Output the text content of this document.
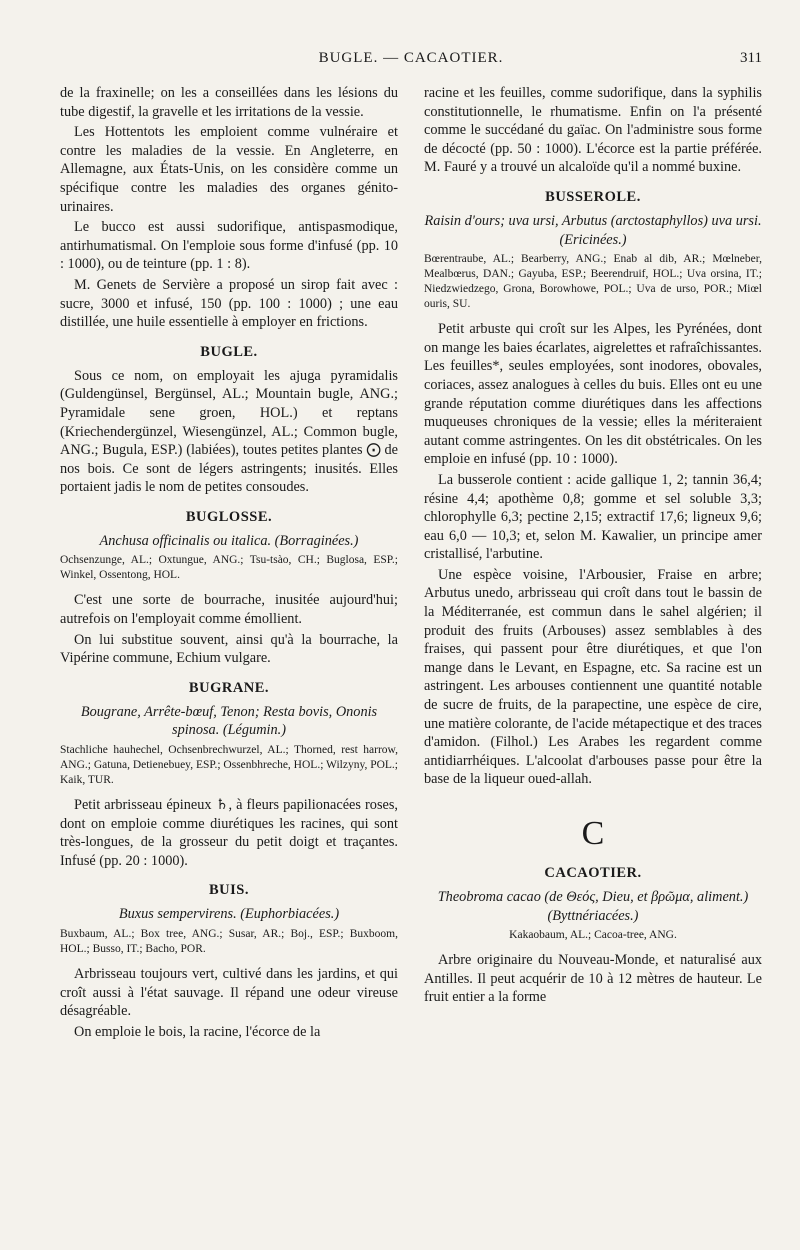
BUGLE. — CACAOTIER.	311

de la fraxinelle; on les a conseillées dans les lésions du tube digestif, la gravelle et les irritations de la vessie.

Les Hottentots les emploient comme vulnéraire et contre les maladies de la vessie. En Angleterre, en Allemagne, aux États-Unis, on les considère comme un spécifique contre les maladies des organes génito-urinaires.

Le bucco est aussi sudorifique, antispasmodique, antirhumatismal. On l'emploie sous forme d'infusé (pp. 10 : 1000), ou de teinture (pp. 1 : 8).

M. Genets de Servière a proposé un sirop fait avec : sucre, 3000 et infusé, 150 (pp. 100 : 1000) ; une eau distillée, une huile essentielle à employer en frictions.

BUGLE.

Sous ce nom, on employait les ajuga pyramidalis (Guldengünsel, Bergünsel, AL.; Mountain bugle, ANG.; Pyramidale sene groen, HOL.) et reptans (Kriechendergünzel, Wiesengünzel, AL.; Common bugle, ANG.; Bugula, ESP.) (labiées), toutes petites plantes ⨀ de nos bois. Ce sont de légers astringents; inusités. Elles portaient jadis le nom de petites consoudes.

BUGLOSSE.

Anchusa officinalis ou italica. (Borraginées.)

Ochsenzunge, AL.; Oxtungue, ANG.; Tsu-tsào, CH.; Buglosa, ESP.; Winkel, Ossentong, HOL.

C'est une sorte de bourrache, inusitée aujourd'hui; autrefois on l'employait comme émollient.

On lui substitue souvent, ainsi qu'à la bourrache, la Vipérine commune, Echium vulgare.

BUGRANE.

Bougrane, Arrête-bœuf, Tenon; Resta bovis, Ononis spinosa. (Légumin.)

Stachliche hauhechel, Ochsenbrechwurzel, AL.; Thorned, rest harrow, ANG.; Gatuna, Detienebuey, ESP.; Ossenbhreche, HOL.; Wilzyny, POL.; Kaik, TUR.

Petit arbrisseau épineux ♄, à fleurs papilionacées roses, dont on emploie comme diurétiques les racines, qui sont très-longues, de la grosseur du petit doigt et traçantes. Infusé (pp. 20 : 1000).

BUIS.

Buxus sempervirens. (Euphorbiacées.)

Buxbaum, AL.; Box tree, ANG.; Susar, AR.; Boj., ESP.; Buxboom, HOL.; Busso, IT.; Bacho, POR.

Arbrisseau toujours vert, cultivé dans les jardins, et qui croît aussi à l'état sauvage. Il répand une odeur vireuse désagréable.

On emploie le bois, la racine, l'écorce de la

racine et les feuilles, comme sudorifique, dans la syphilis constitutionnelle, le rhumatisme. Enfin on l'a présenté comme le succédané du gaïac. On l'administre sous forme de décocté (pp. 50 : 1000). L'écorce est la partie préférée. M. Fauré y a trouvé un alcaloïde qu'il a nommé buxine.

BUSSEROLE.

Raisin d'ours; uva ursi, Arbutus (arctostaphyllos) uva ursi. (Ericinées.)

Bœrentraube, AL.; Bearberry, ANG.; Enab al dib, AR.; Mœlneber, Mealbœrus, DAN.; Gayuba, ESP.; Beerendruif, HOL.; Uva orsina, IT.; Niedzwiedzego, Grona, Borowhowe, POL.; Uva de urso, POR.; Miœl ouris, SU.

Petit arbuste qui croît sur les Alpes, les Pyrénées, dont on mange les baies écarlates, aigrelettes et rafraîchissantes. Les feuilles*, seules employées, sont inodores, obovales, coriaces, assez analogues à celles du buis. Elles ont eu une grande réputation comme diurétiques dans les affections muqueuses chroniques de la vessie; elles la mériteraient autant comme astringentes. On les dit obstétricales. On les emploie en infusé (pp. 10 : 1000).

La busserole contient : acide gallique 1, 2; tannin 36,4; résine 4,4; apothème 0,8; gomme et sel soluble 3,3; chlorophylle 6,3; pectine 2,15; extractif 17,6; ligneux 9,6; eau 6,0 — 10,3; et, selon M. Kawalier, un principe amer cristallisé, l'arbutine.

Une espèce voisine, l'Arbousier, Fraise en arbre; Arbutus unedo, arbrisseau qui croît dans tout le bassin de la Méditerranée, est commun dans le sahel algérien; il produit des fruits (Arbouses) assez semblables à des fraises, qui passent pour être diurétiques, et que l'on mange dans le Levant, en Espagne, etc. Sa racine est un astringent. Les arbouses contiennent une quantité notable de sucre de fruits, de la parapectine, une espèce de cire, une matière colorante, de l'acide métapectique et des traces d'amidon. (Filhol.) Les Arabes les regardent comme antidiarrhéiques. L'alcoolat d'arbouses passe pour être la base de la liqueur oued-allah.

C
CACAOTIER.

Theobroma cacao (de Θεός, Dieu, et βρῶμα, aliment.) (Byttnériacées.)

Kakaobaum, AL.; Cacoa-tree, ANG.

Arbre originaire du Nouveau-Monde, et naturalisé aux Antilles. Il peut acquérir de 10 à 12 mètres de hauteur. Le fruit entier a la forme
